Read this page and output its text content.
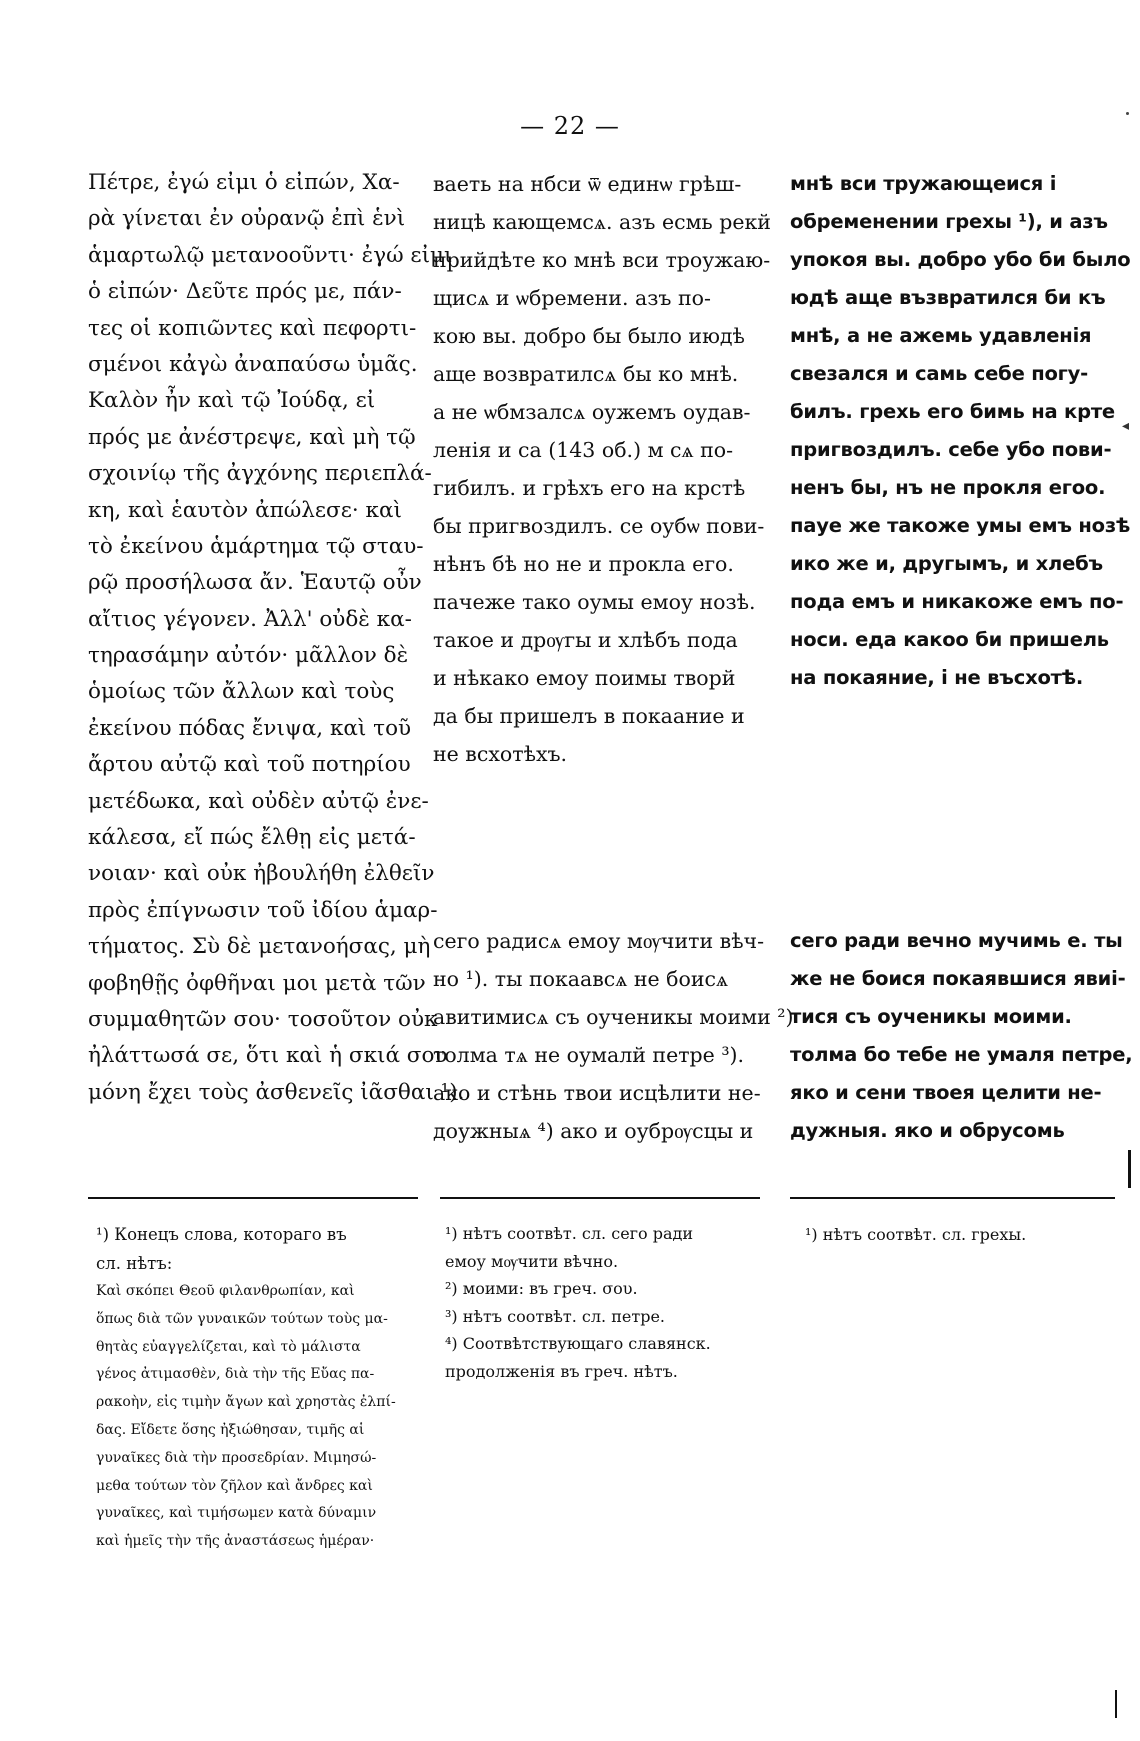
— 22 —
Πέτρε, ἐγώ εἰμι ὁ εἰπών, Χα-
ρὰ γίνεται ἐν οὐρανῷ ἐπὶ ἑνὶ
ἁμαρτωλῷ μετανοοῦντι· ἐγώ εἰμι
ὁ εἰπών· Δεῦτε πρός με, πάν-
τες οἱ κοπιῶντες καὶ πεφορτι-
σμένοι κἀγὼ ἀναπαύσω ὑμᾶς.
Καλὸν ἦν καὶ τῷ Ἰούδᾳ, εἰ
πρός με ἀνέστρεψε, καὶ μὴ τῷ
σχοινίῳ τῆς ἀγχόνης περιεπλά-
κη, καὶ ἑαυτὸν ἀπώλεσε· καὶ
τὸ ἐκείνου ἁμάρτημα τῷ σταυ-
ρῷ προσήλωσα ἄν. Ἑαυτῷ οὖν
αἴτιος γέγονεν. Ἀλλ' οὐδὲ κα-
τηρασάμην αὐτόν· μᾶλλον δὲ
ὁμοίως τῶν ἄλλων καὶ τοὺς
ἐκείνου πόδας ἔνιψα, καὶ τοῦ
ἄρτου αὐτῷ καὶ τοῦ ποτηρίου
μετέδωκα, καὶ οὐδὲν αὐτῷ ἐνε-
κάλεσα, εἴ πώς ἔλθῃ εἰς μετά-
νοιαν· καὶ οὐκ ἠβουλήθη ἐλθεῖν
πρὸς ἐπίγνωσιν τοῦ ἰδίου ἁμαρ-
τήματος. Σὺ δὲ μετανοήσας, μὴ
φοβηθῇς ὀφθῆναι μοι μετὰ τῶν
συμμαθητῶν σου· τοσοῦτον οὐκ
ἠλάττωσά σε, ὅτι καὶ ἡ σκιά σου
μόνη ἔχει τοὺς ἀσθενεῖς ἰᾶσθαι ¹).
ваеть на нбси ѿ единѡ грѣш-
ницѣ кающемсѧ. азъ есмь рекй
прийдѣте ко мнѣ вси троужаю-
щисѧ и ѡбремени. азъ по-
кою вы. добро бы было июдѣ
аще возвратилсѧ бы ко мнѣ.
а не ѡбмзалсѧ оужемъ оудав-
ленія и са (143 об.) м сѧ по-
гибилъ. и грѣхъ его на крстѣ
бы пригвоздилъ. се оубѡ пови-
нѣнъ бѣ но не и прокла его.
пачеже тако оумы емоу нозѣ.
такое и дрѹгы и хлѣбъ пода
и нѣкако емоу поимы творй
да бы пришелъ в покаание и
не всхотѣхъ.
сего радисѧ емоу мѹчити вѣч-
но ¹). ты покаавсѧ не боисѧ
авитимисѧ съ оученикы моими ²)
толма тѧ не оумалй петре ³).
ако и стѣнь твои исцѣлити не-
доужныѧ ⁴) ако и оубрѹсцы и
мнѣ вси тружающеися і
обременении грехы ¹), и азъ
упокоя вы. добро убо би было
юдѣ аще възвратился би къ
мнѣ, а не ажемь удавленія
свезался и самь себе погу-
билъ. грехь его бимь на крте
пригвоздилъ. себе убо пови-
ненъ бы, нъ не прокля егоо.
пауе же такоже умы емъ нозѣ
ико же и, другымъ, и хлебъ
пода емъ и никакоже емъ по-
носи. еда какоо би пришель
на покаяние, і не въсхотѣ.
сего ради вечно мучимь е. ты
же не боися покаявшися явиі-
тися съ оученикы моими.
толма бо тебе не умаля петре,
яко и сени твоея целити не-
дужныя. яко и обрусомь
¹) Конецъ слова, котораго въ
сл. нѣтъ:
Καὶ σκόπει Θεοῦ φιλανθρωπίαν, καὶ
ὅπως διὰ τῶν γυναικῶν τούτων τοὺς μα-
θητὰς εὐαγγελίζεται, καὶ τὸ μάλιστα
γένος ἀτιμασθὲν, διὰ τὴν τῆς Εὔας πα-
ρακοὴν, εἰς τιμὴν ἄγων καὶ χρηστὰς ἐλπί-
δας. Εἴδετε ὅσης ἠξιώθησαν, τιμῆς αἱ
γυναῖκες διὰ τὴν προσεδρίαν. Μιμησώ-
μεθα τούτων τὸν ζῆλον καὶ ἄνδρες καὶ
γυναῖκες, καὶ τιμήσωμεν κατὰ δύναμιν
καὶ ἡμεῖς τὴν τῆς ἀναστάσεως ἡμέραν·
¹) нѣтъ соотвѣт. сл. сего ради
емоу мѹчити вѣчно.
²) моими: въ греч. σου.
³) нѣтъ соотвѣт. сл. петре.
⁴) Соотвѣтствующаго славянск.
продолженія въ греч. нѣтъ.
¹) нѣтъ соотвѣт. сл. грехы.
◂
